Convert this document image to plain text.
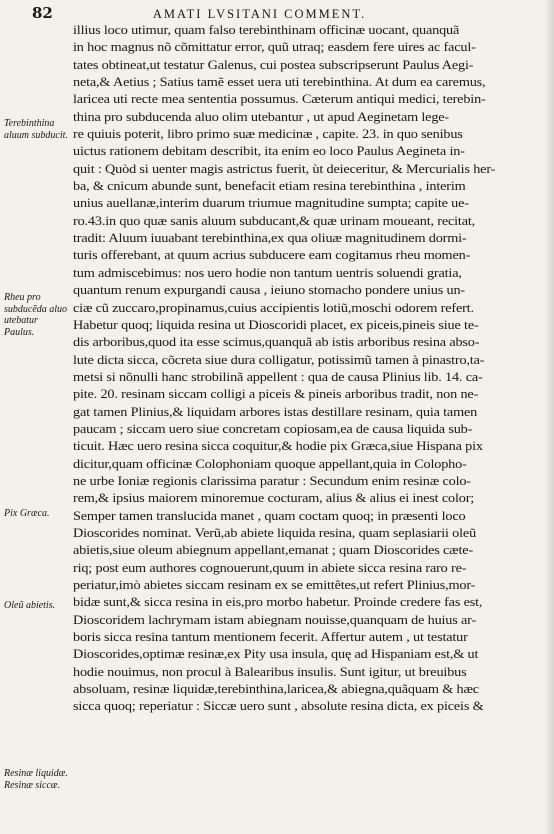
82	AMATI LVSITANI COMMENT.
Terebinthina aluum subducit.
Rheu pro subducẽda aluo utebatur Paulus.
Pix Græca.
Oleũ abietis.
Resinæ liquidæ. Resinæ siccæ.
illius loco utimur, quam falso terebinthinam officinæ uocant, quanquã
in hoc magnus nõ cõmittatur error, quũ utraq; easdem fere uires ac facul-
tates obtineat,ut testatur Galenus, cui postea subscripserunt Paulus Aegi-
neta,& Aetius ; Satius tamẽ esset uera uti terebinthina. At dum ea caremus,
laricea uti recte mea sententia possumus. Cæterum antiqui medici, terebin-
thina pro subducenda aluo olim utebantur , ut apud Aeginetam lege-
re quiuis poterit, libro primo suæ medicinæ , capite. 23. in quo senibus
uictus rationem debitam describit, ita enim eo loco Paulus Aegineta in-
quit : Quòd si uenter magis astrictus fuerit, ùt deieceritur, & Mercurialis her-
ba, & cnicum abunde sunt, benefacit etiam resina terebinthina , interim
unius auellanæ,interim duarum triumue magnitudine sumpta; capite ue-
ro.43.in quo quæ sanis aluum subducant,& quæ urinam moueant, recitat,
tradit: Aluum iuuabant terebinthina,ex qua oliuæ magnitudinem dormi-
turis offerebant, at quum acrius subducere eam cogitamus rheu momen-
tum admiscebimus: nos uero hodie non tantum uentris soluendi gratia,
quantum renum expurgandi causa , ieiuno stomacho pondere unius un-
ciæ cũ zuccaro,propinamus,cuius accipientis lotiũ,moschi odorem refert.
Habetur quoq; liquida resina ut Dioscoridi placet, ex piceis,pineis siue te-
dis arboribus,quod ita esse scimus,quanquã ab istis arboribus resina abso-
lute dicta sicca, cõcreta siue dura colligatur, potissimũ tamen à pinastro,ta-
metsi si nõnulli hanc strobilinã appellent : qua de causa Plinius lib. 14. ca-
pite. 20. resinam siccam colligi a piceis & pineis arboribus tradit, non ne-
gat tamen Plinius,& liquidam arbores istas destillare resinam, quia tamen
paucam ; siccam uero siue concretam copiosam,ea de causa liquida sub-
ticuit. Hæc uero resina sicca coquitur,& hodie pix Græca,siue Hispana pix
dicitur,quam officinæ Colophoniam quoque appellant,quia in Colopho-
ne urbe Ioniæ regionis clarissima paratur : Secundum enim resinæ colo-
rem,& ipsius maiorem minoremue cocturam, alius & alius ei inest color;
Semper tamen translucida manet , quam coctam quoq; in præsenti loco
Dioscorides nominat. Verũ,ab abiete liquida resina, quam seplasiarii oleũ
abietis,siue oleum abiegnum appellant,emanat ; quam Dioscorides cæte-
riq; post eum authores cognouerunt,quum in abiete sicca resina raro re-
periatur,imò abietes siccam resinam ex se emittêtes,ut refert Plinius,mor-
bidæ sunt,& sicca resina in eis,pro morbo habetur. Proinde credere fas est,
Dioscoridem lachrymam istam abiegnam nouisse,quanquam de huius ar-
boris sicca resina tantum mentionem fecerit. Affertur autem , ut testatur
Dioscorides,optimæ resinæ,ex Pity usa insula, quę ad Hispaniam est,& ut
hodie nouimus, non procul à Balearibus insulis. Sunt igitur, ut breuibus
absoluam, resinæ liquidæ,terebinthina,laricea,& abiegna,quãquam & hæc
sicca quoq; reperiatur : Siccæ uero sunt , absolute resina dicta, ex piceis &
